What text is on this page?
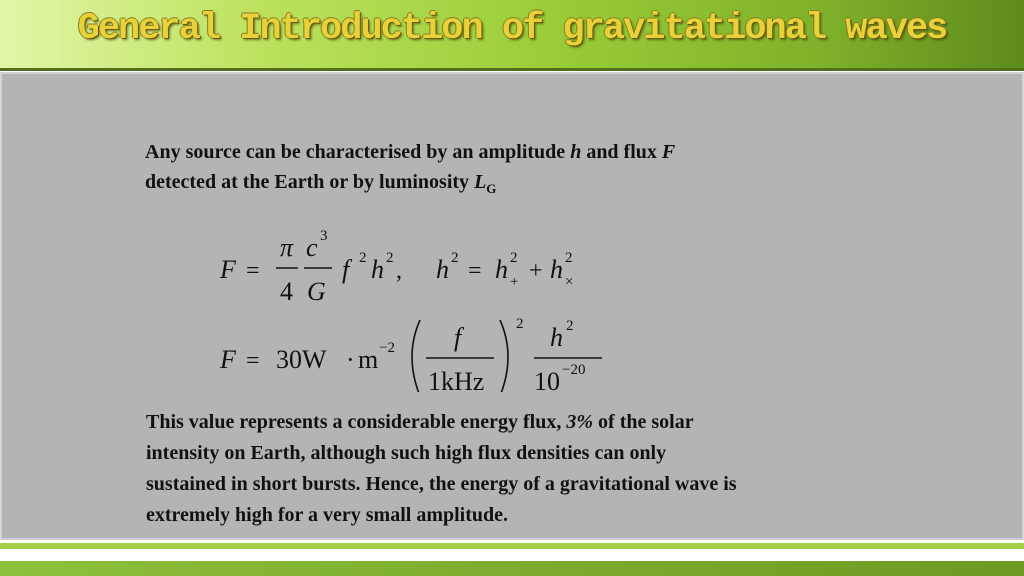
General Introduction of gravitational waves
Any source can be characterised by an amplitude h and flux F
detected at the Earth or by luminosity $L_G$
F =
π
4
c 3
G
f 2 h 2 , h 2 = h 2
+ + h 2
×
F = 30W · m −2 f
1kHz
2 h 2
10 −20
This value represents a considerable energy flux, 3% of the solar
intensity on Earth, although such high flux densities can only
sustained in short bursts. Hence, the energy of a gravitational wave is
extremely high for a very small amplitude.
